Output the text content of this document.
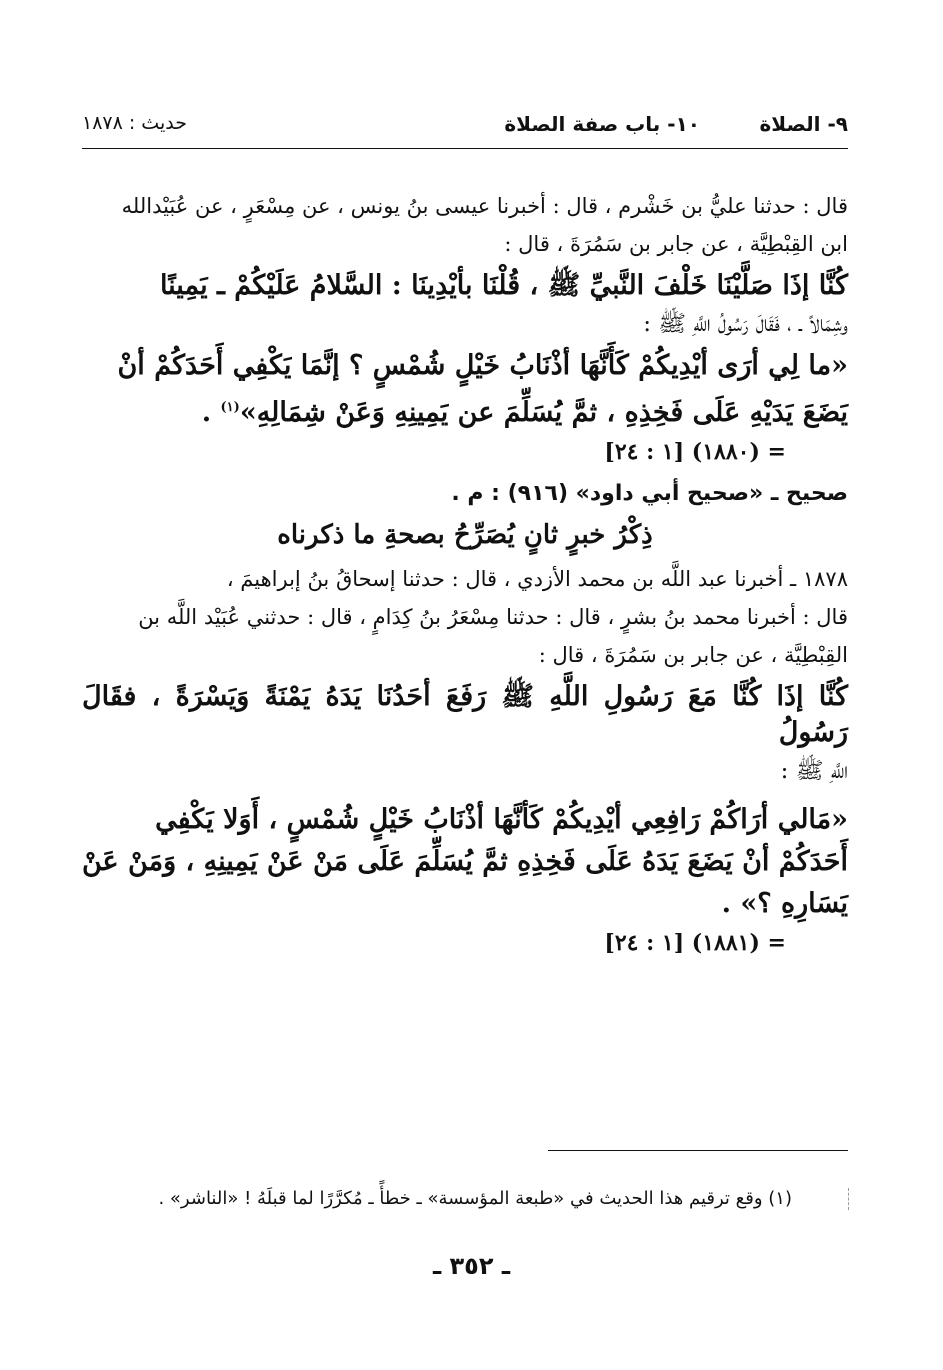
٩- الصلاة
١٠- باب صفة الصلاة
حديث : ١٨٧٨
قال : حدثنا عليُّ بن خَشْرم ، قال : أخبرنا عيسى بنُ يونس ، عن مِسْعَرٍ ، عن عُبَيْدالله
ابن القِبْطِيَّة ، عن جابر بن سَمُرَةَ ، قال :
كُنَّا إذَا صَلَّيْنَا خَلْفَ النَّبيِّ ﷺ ، قُلْنَا بأيْدِينَا : السَّلامُ عَلَيْكُمْ ـ يَمِينًا
وشِمَالاً ـ ، فَقَالَ رَسُولُ اللَّهِ ﷺ :
«ما لِي أرَى أيْدِيكُمْ كَأَنَّهَا أذْنَابُ خَيْلٍ شُمْسٍ ؟ إنَّمَا يَكْفِي أَحَدَكُمْ أنْ
يَضَعَ يَدَيْهِ عَلَى فَخِذِهِ ، ثمَّ يُسَلِّمَ عن يَمِينِهِ وَعَنْ شِمَالِهِ»$^{(١)}$ .
= (١٨٨٠) [١ : ٢٤]
صحيح ـ «صحيح أبي داود» (٩١٦) : م .
ذِكْرُ خبرٍ ثانٍ يُصَرِّحُ بصحةِ ما ذكرناه
١٨٧٨ ـ أخبرنا عبد اللَّه بن محمد الأزدي ، قال : حدثنا إسحاقُ بنُ إبراهيمَ ،
قال : أخبرنا محمد بنُ بشرٍ ، قال : حدثنا مِسْعَرُ بنُ كِدَامٍ ، قال : حدثني عُبَيْد اللَّه بن
القِبْطِيَّة ، عن جابر بن سَمُرَةَ ، قال :
كُنَّا إذَا كُنَّا مَعَ رَسُولِ اللَّهِ ﷺ رَفَعَ أحَدُنَا يَدَهُ يَمْنَةً وَيَسْرَةً ، فقَالَ رَسُولُ
اللَّهِ ﷺ :
«مَالي أرَاكُمْ رَافِعِي أيْدِيكُمْ كَأنَّهَا أذْنَابُ خَيْلٍ شُمْسٍ ، أَوَلا يَكْفِي
أَحَدَكُمْ أنْ يَضَعَ يَدَهُ عَلَى فَخِذِهِ ثمَّ يُسَلِّمَ عَلَى مَنْ عَنْ يَمِينِهِ ، وَمَنْ عَنْ
يَسَارِهِ ؟» .
= (١٨٨١) [١ : ٢٤]
(١) وقع ترقيم هذا الحديث في «طبعة المؤسسة» ـ خطأً ـ مُكرَّرًا لما قبلَهُ ! «الناشر» .
ـ ٣٥٢ ـ
